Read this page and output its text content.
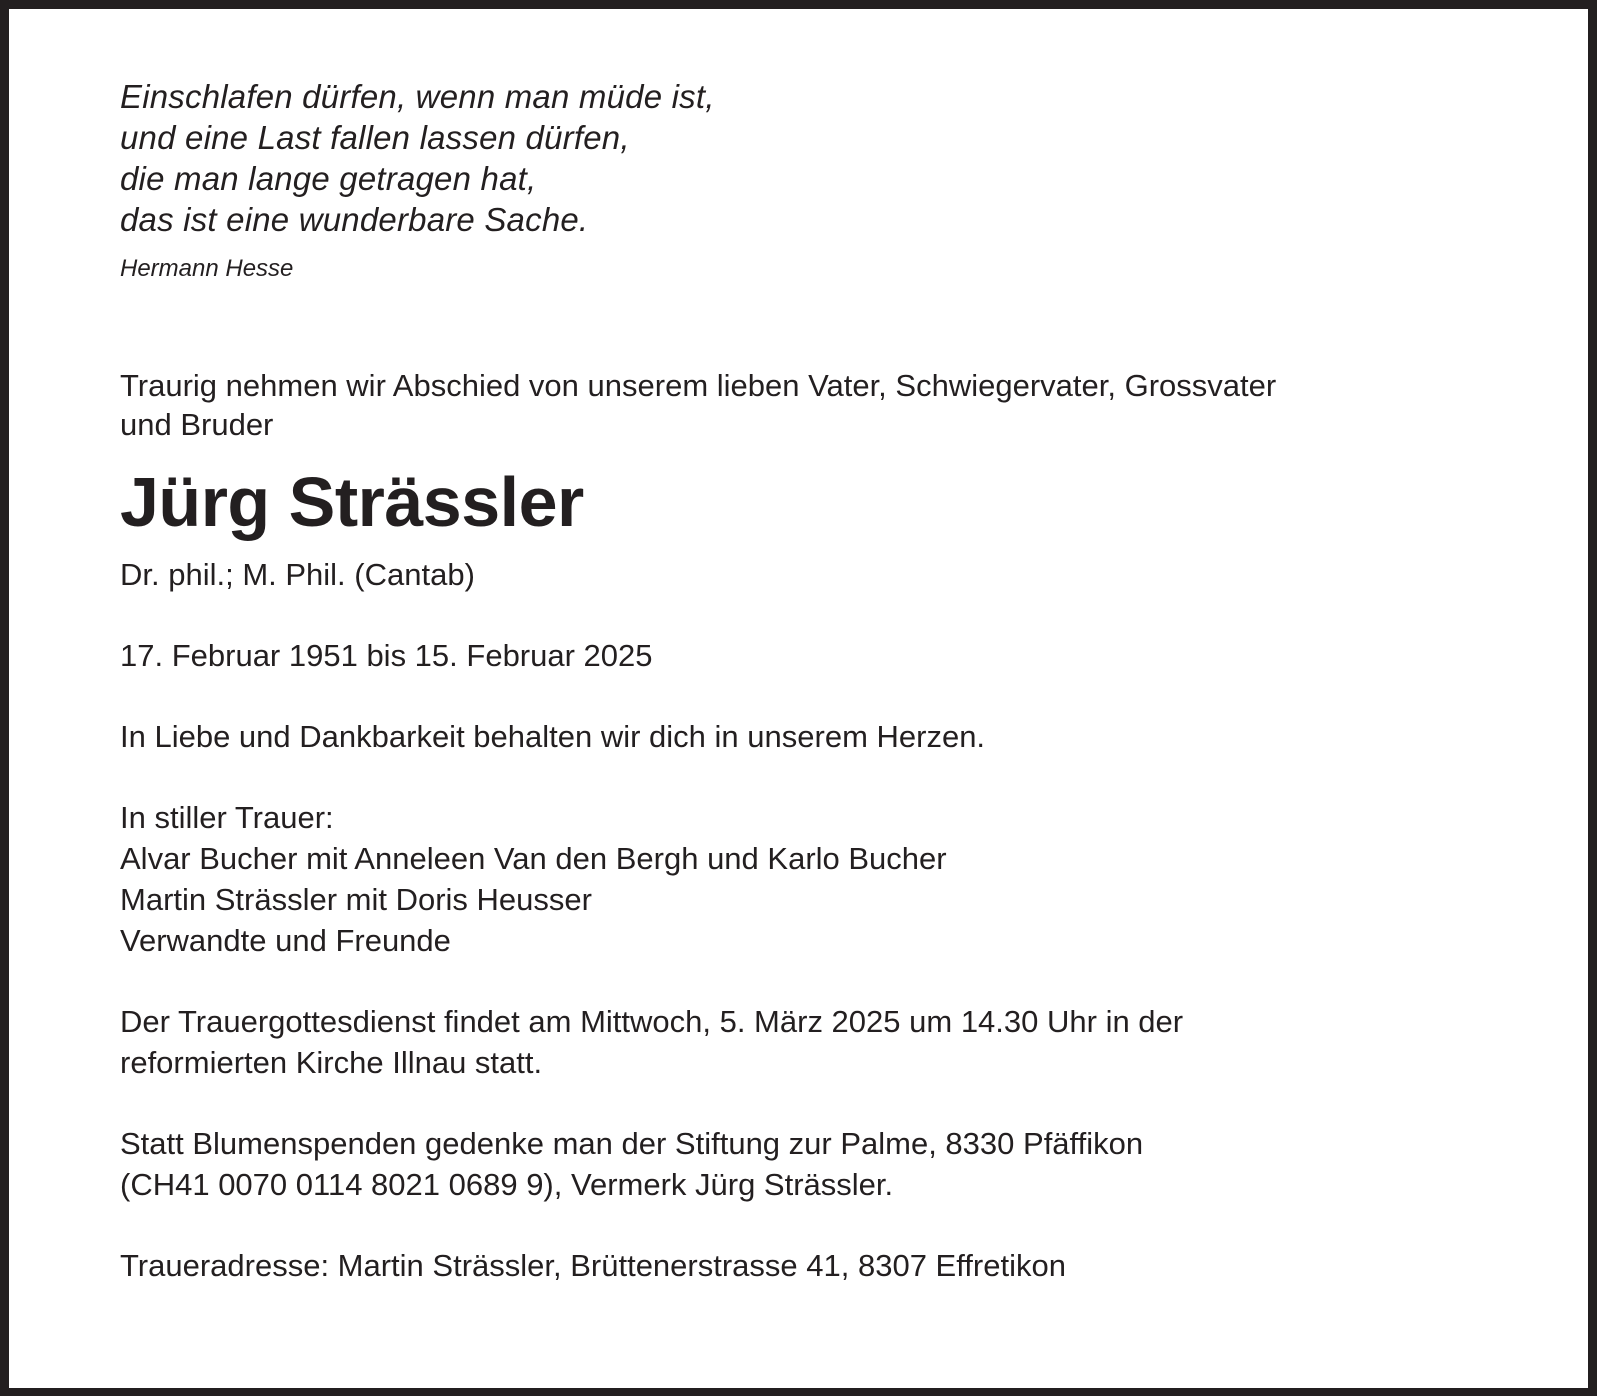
Einschlafen dürfen, wenn man müde ist,
und eine Last fallen lassen dürfen,
die man lange getragen hat,
das ist eine wunderbare Sache.
Hermann Hesse
Traurig nehmen wir Abschied von unserem lieben Vater, Schwiegervater, Grossvater
und Bruder
Jürg Strässler
Dr. phil.; M. Phil. (Cantab)
17. Februar 1951 bis 15. Februar 2025
In Liebe und Dankbarkeit behalten wir dich in unserem Herzen.
In stiller Trauer:
Alvar Bucher mit Anneleen Van den Bergh und Karlo Bucher
Martin Strässler mit Doris Heusser
Verwandte und Freunde
Der Trauergottesdienst findet am Mittwoch, 5. März 2025 um 14.30 Uhr in der
reformierten Kirche Illnau statt.
Statt Blumenspenden gedenke man der Stiftung zur Palme, 8330 Pfäffikon
(CH41 0070 0114 8021 0689 9), Vermerk Jürg Strässler.
Traueradresse: Martin Strässler, Brüttenerstrasse 41, 8307 Effretikon
